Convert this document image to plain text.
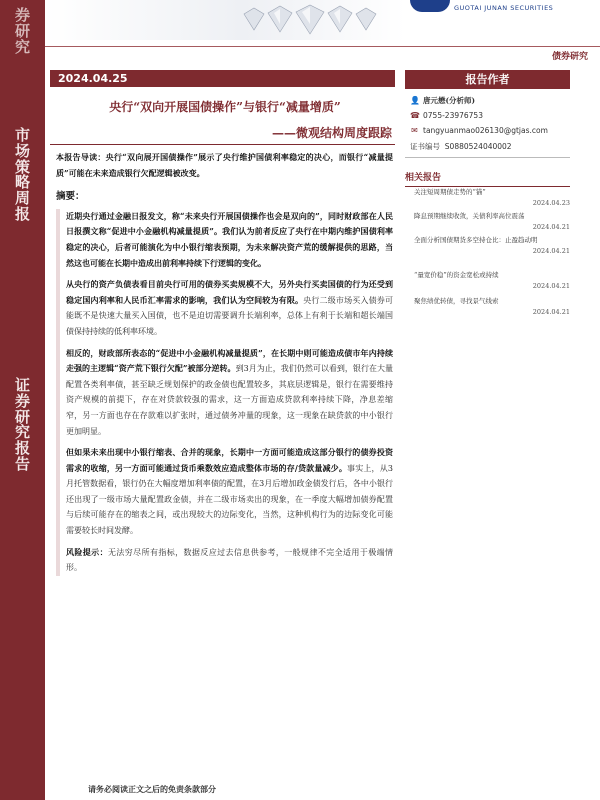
券
研
究
市
场
策
略
周
报
证
券
研
究
报
告
GUOTAI JUNAN SECURITIES
债券研究
2024.04.25
央行“双向开展国债操作”与银行“减量增质”
——微观结构周度跟踪

本报告导读：央行“双向展开国债操作”展示了央行维护国债利率稳定的决心，而银行“减量提质”可能在未来造成银行欠配逻辑被改变。

摘要：

近期央行通过金融日报发文，称“未来央行开展国债操作也会是双向的”，同时财政部在人民日报撰文称“促进中小金融机构减量提质”。我们认为前者反应了央行在中期内维护国债利率稳定的决心，后者可能演化为中小银行缩表预期，为未来解决资产荒的缓解提供的思路，当然这也可能在长期中造成出前利率持续下行逻辑的变化。

从央行的资产负债表看目前央行可用的债券买卖规模不大，另外央行买卖国债的行为还受到稳定国内利率和人民币汇率需求的影响，我们认为空间较为有限。央行二级市场买入债券可能既不是快速大量买入国债，也不是迫切需要调升长端利率，总体上有利于长端和超长端国债保持持续的低利率环境。

相反的，财政部所表态的“促进中小金融机构减量提质”，在长期中则可能造成债市年内持续走强的主逻辑“资产荒下银行欠配”被部分逆转。到3月为止，我们仍然可以看到，银行在大量配置各类利率债，甚至缺乏规划保护的政金债也配置较多，其底层逻辑是，银行在需要维持资产规模的前提下，存在对贷款较强的需求，这一方面造成贷款利率持续下降，净息差缩窄，另一方面也存在存款难以扩张时，通过债务冲量的现象，这一现象在缺贷款的中小银行更加明显。

但如果未来出现中小银行缩表、合并的现象，长期中一方面可能造成这部分银行的债券投资需求的收缩，另一方面可能通过货币乘数效应造成整体市场的存/贷款量减少。事实上，从3月托管数据看，银行仍在大幅度增加利率债的配置，在3月后增加政金债发行后，各中小银行还出现了一级市场大量配置政金债，并在二级市场卖出的现象，在一季度大幅增加债券配置与后续可能存在的缩表之间，或出现较大的边际变化，当然，这种机构行为的边际变化可能需要较长时间发酵。

风险提示：无法穷尽所有指标，数据反应过去信息供参考，一般规律不完全适用于极端情形。

报告作者
👤 唐元懋(分析师)
☎ 0755-23976753
✉ tangyuanmao026130@gtjas.com
证书编号 S0880524040002
相关报告
关注短周期债走势的“锚”
2024.04.23
降息预期继续收敛，关债利率高位震荡
2024.04.21
全面分析国债期货多空持仓比：止盈趋动明
2024.04.21
“量宽价稳”的资金宽松或持续
2024.04.21
聚焦绩优转债，寻找景气线索
2024.04.21
请务必阅读正文之后的免责条款部分
